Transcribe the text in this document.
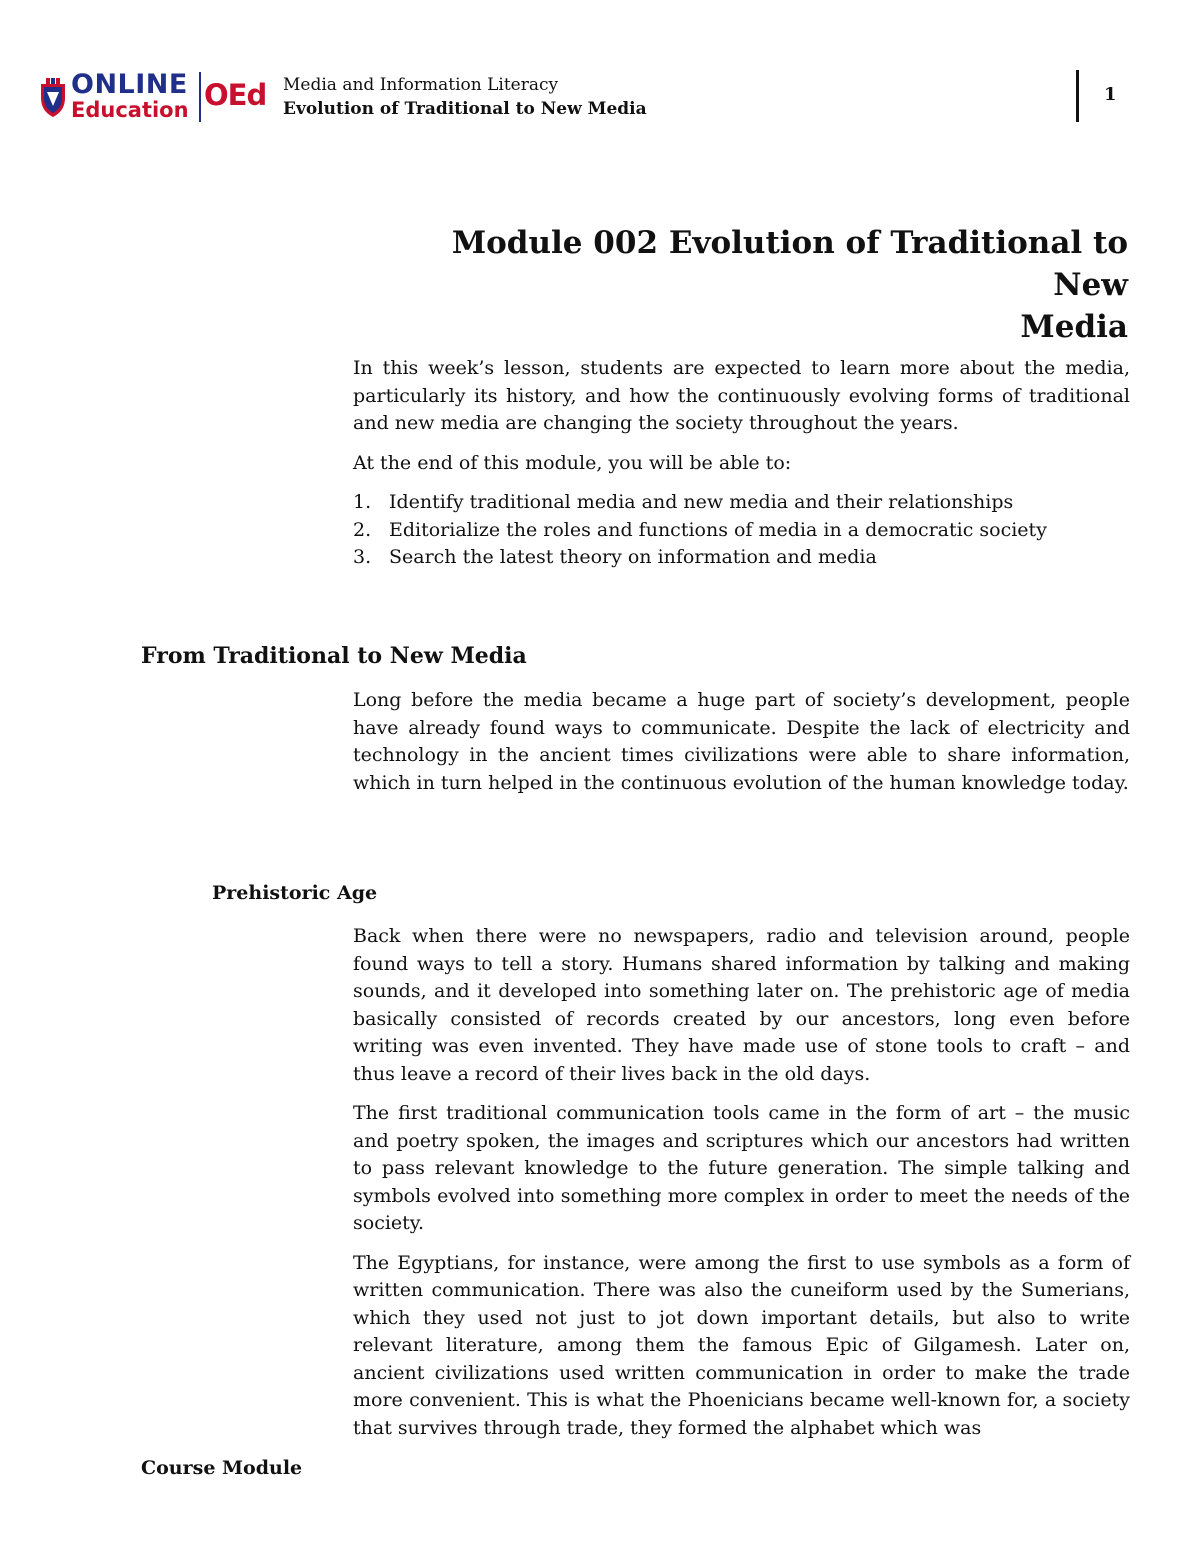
ONLINE
Education OEd Media and Information Literacy
Evolution of Traditional to New Media
1
Module 002 Evolution of Traditional to New
Media

In this week’s lesson, students are expected to learn more about the media, particularly its history, and how the continuously evolving forms of traditional and new media are changing the society throughout the years.

At the end of this module, you will be able to:

1. Identify traditional media and new media and their relationships
2. Editorialize the roles and functions of media in a democratic society
3. Search the latest theory on information and media
From Traditional to New Media

Long before the media became a huge part of society’s development, people have already found ways to communicate. Despite the lack of electricity and technology in the ancient times civilizations were able to share information, which in turn helped in the continuous evolution of the human knowledge today.

Prehistoric Age

Back when there were no newspapers, radio and television around, people found ways to tell a story. Humans shared information by talking and making sounds, and it developed into something later on. The prehistoric age of media basically consisted of records created by our ancestors, long even before writing was even invented. They have made use of stone tools to craft – and thus leave a record of their lives back in the old days.

The first traditional communication tools came in the form of art – the music and poetry spoken, the images and scriptures which our ancestors had written to pass relevant knowledge to the future generation. The simple talking and symbols evolved into something more complex in order to meet the needs of the society.

The Egyptians, for instance, were among the first to use symbols as a form of written communication. There was also the cuneiform used by the Sumerians, which they used not just to jot down important details, but also to write relevant literature, among them the famous Epic of Gilgamesh. Later on, ancient civilizations used written communication in order to make the trade more convenient. This is what the Phoenicians became well-known for, a society that survives through trade, they formed the alphabet which was

Course Module
